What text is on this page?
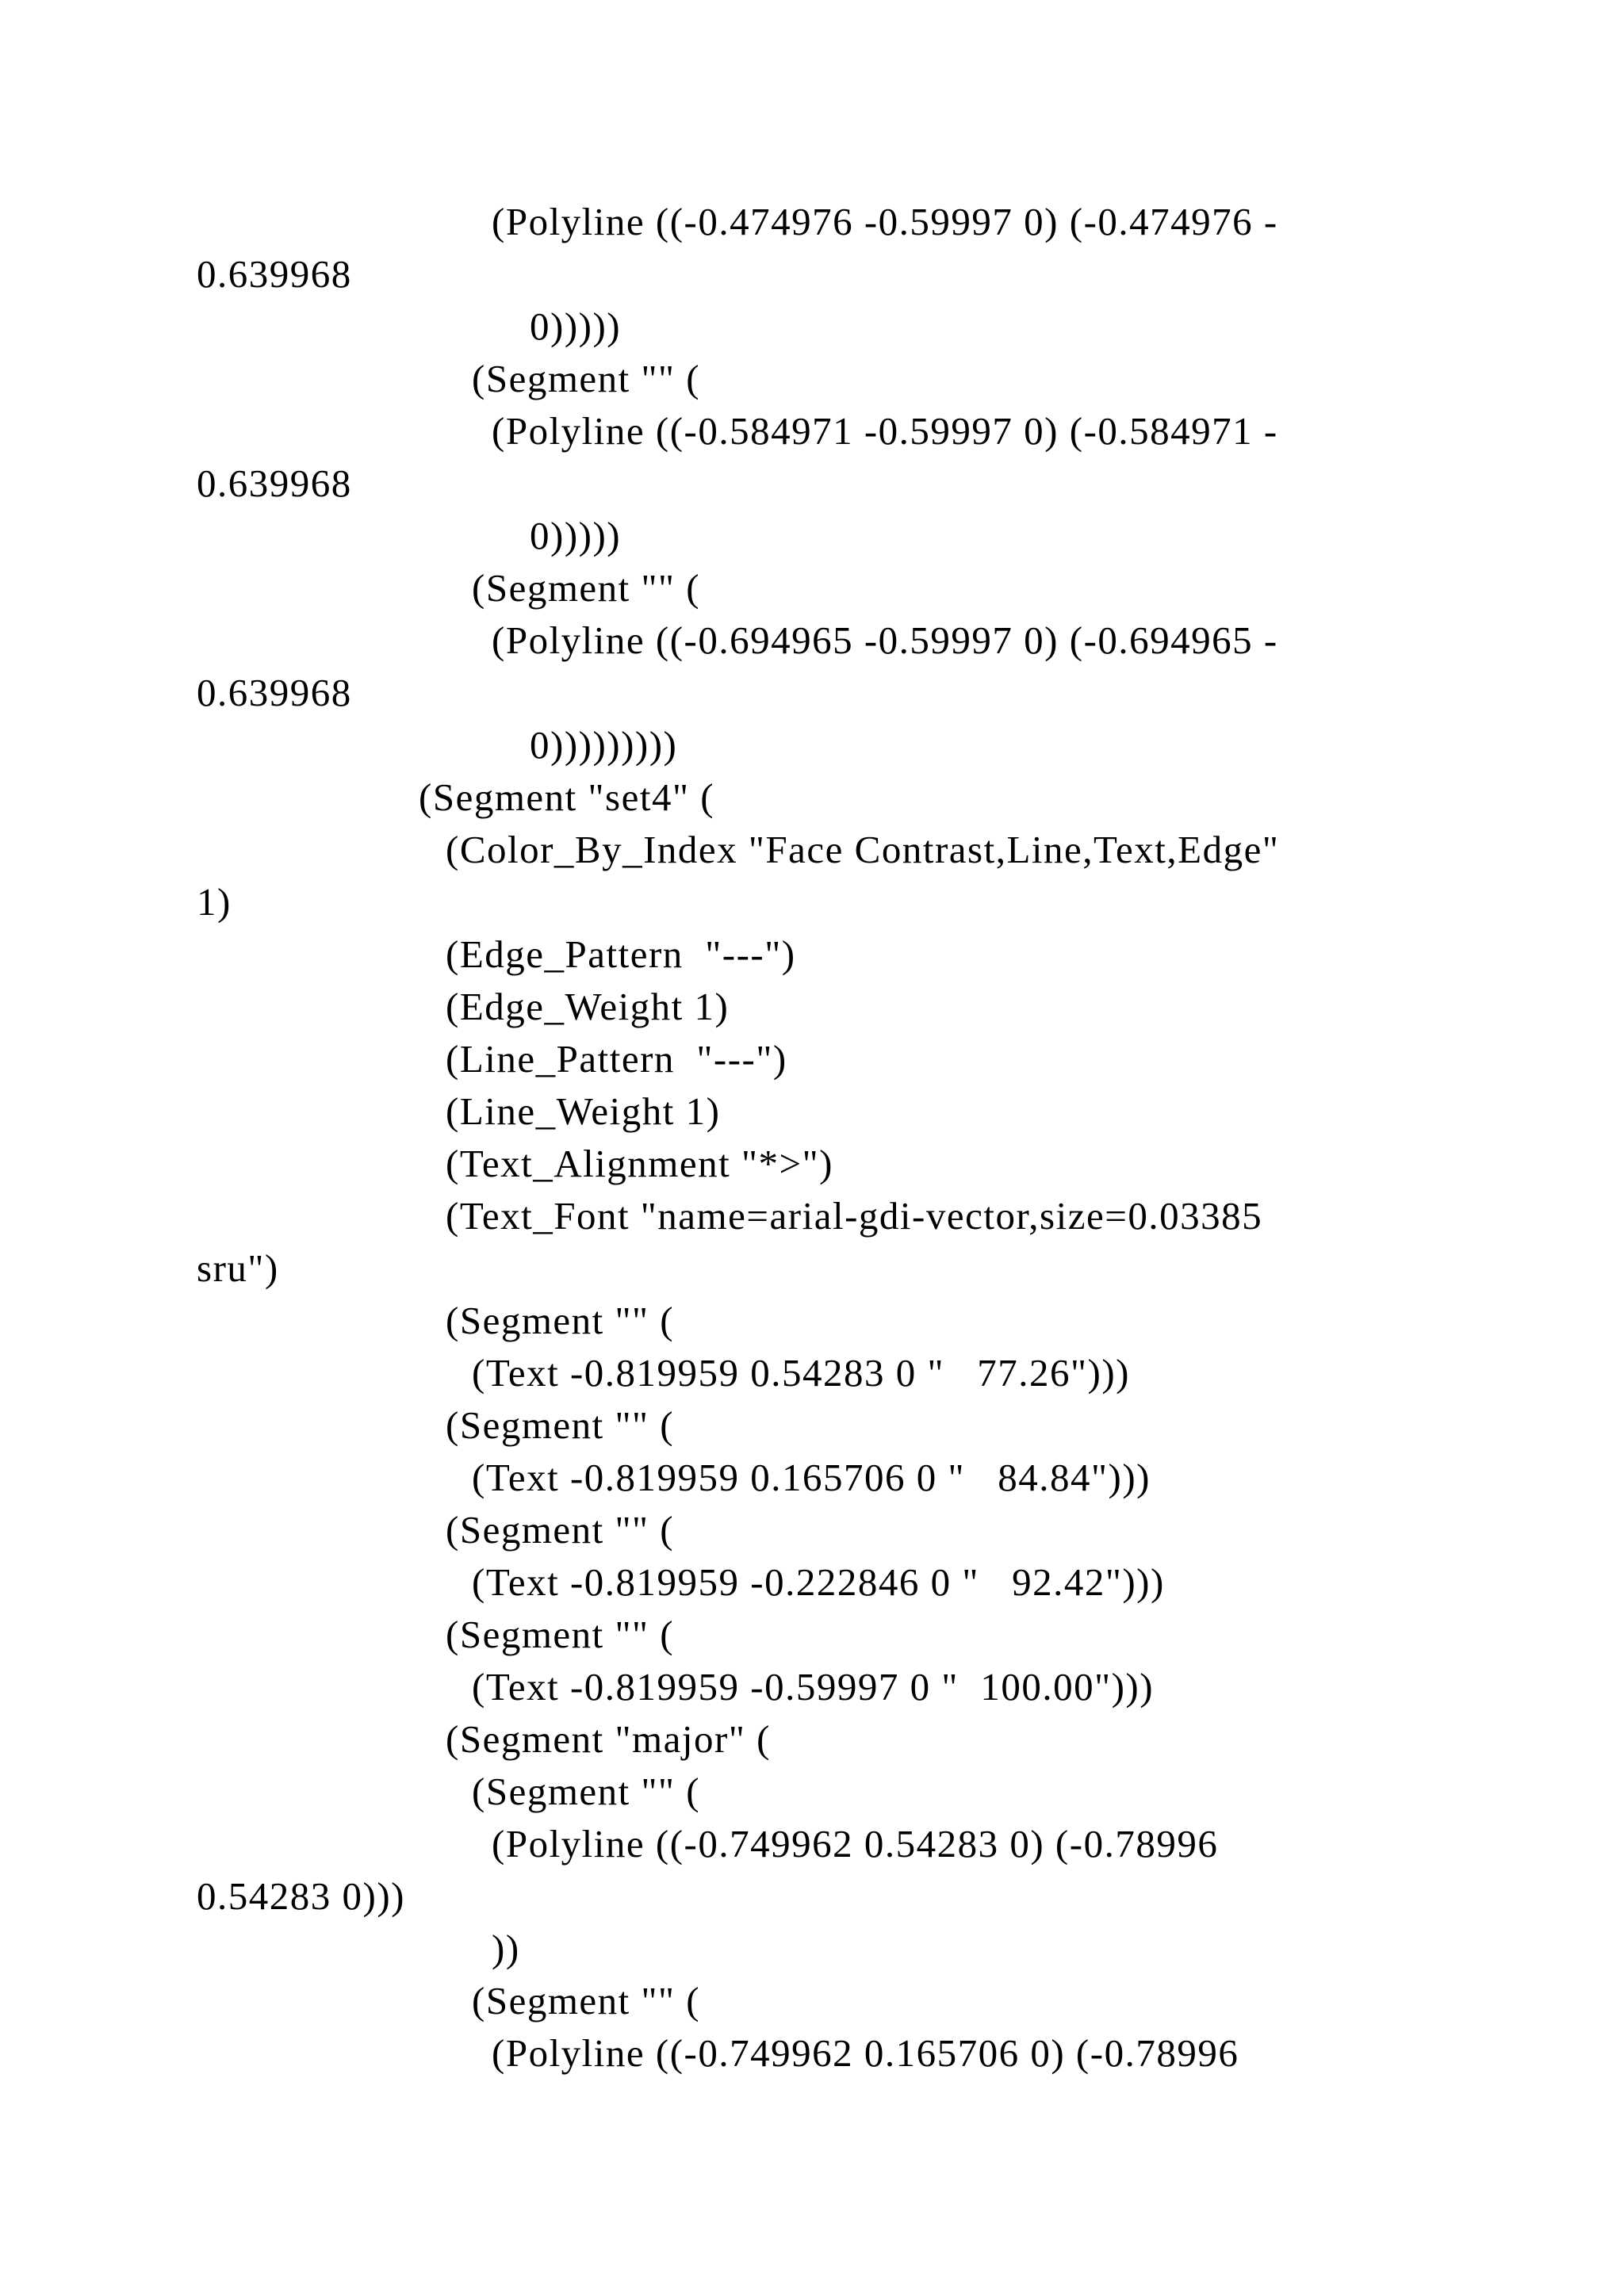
(Polyline ((-0.474976 -0.59997 0) (-0.474976 -
0.639968
0)))))
(Segment "" (
(Polyline ((-0.584971 -0.59997 0) (-0.584971 -
0.639968
0)))))
(Segment "" (
(Polyline ((-0.694965 -0.59997 0) (-0.694965 -
0.639968
0)))))))))
(Segment "set4" (
(Color_By_Index "Face Contrast,Line,Text,Edge"
1)
(Edge_Pattern  "---")
(Edge_Weight 1)
(Line_Pattern  "---")
(Line_Weight 1)
(Text_Alignment "*>")
(Text_Font "name=arial-gdi-vector,size=0.03385
sru")
(Segment "" (
(Text -0.819959 0.54283 0 "   77.26")))
(Segment "" (
(Text -0.819959 0.165706 0 "   84.84")))
(Segment "" (
(Text -0.819959 -0.222846 0 "   92.42")))
(Segment "" (
(Text -0.819959 -0.59997 0 "  100.00")))
(Segment "major" (
(Segment "" (
(Polyline ((-0.749962 0.54283 0) (-0.78996
0.54283 0)))
))
(Segment "" (
(Polyline ((-0.749962 0.165706 0) (-0.78996
